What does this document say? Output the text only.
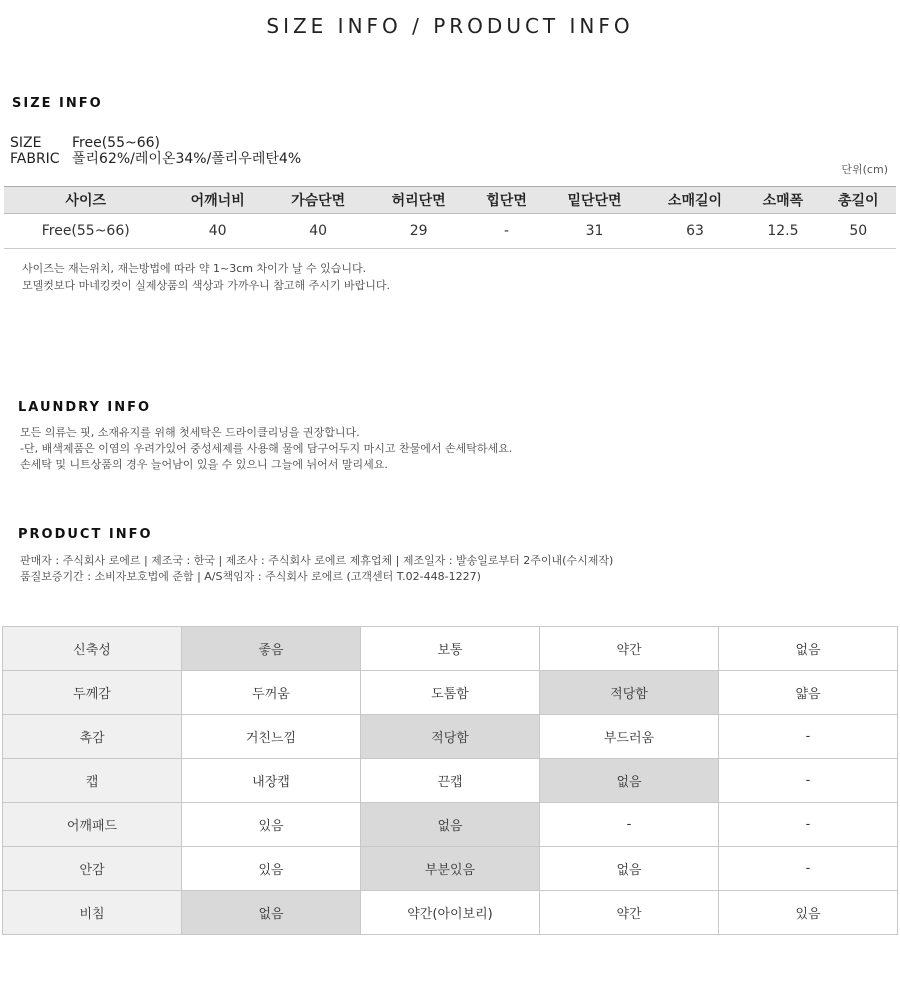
SIZE INFO / PRODUCT INFO
SIZE INFO
SIZE Free(55~66)
FABRIC 폴리62%/레이온34%/폴리우레탄4%
단위(cm)
사이즈	어깨너비	가슴단면	허리단면	힙단면	밑단단면	소매길이	소매폭	총길이
Free(55~66)	40	40	29	-	31	63	12.5	50
사이즈는 재는위치, 재는방법에 따라 약 1~3cm 차이가 날 수 있습니다.
모델컷보다 마네킹컷이 실제상품의 색상과 가까우니 참고해 주시기 바랍니다.
LAUNDRY INFO
모든 의류는 핏, 소재유지를 위해 첫세탁은 드라이클리닝을 권장합니다.
-단, 배색제품은 이염의 우려가있어 중성세제를 사용해 물에 담구어두지 마시고 찬물에서 손세탁하세요.
손세탁 및 니트상품의 경우 늘어남이 있을 수 있으니 그늘에 뉘어서 말리세요.
PRODUCT INFO
판매자 : 주식회사 로에르 | 제조국 : 한국 | 제조사 : 주식회사 로에르 제휴업체 | 제조일자 : 발송일로부터 2주이내(수시제작)
품질보증기간 : 소비자보호법에 준함 | A/S책임자 : 주식회사 로에르 (고객센터 T.02-448-1227)
신축성	좋음	보통	약간	없음
두께감	두꺼움	도톰함	적당함	얇음
촉감	거친느낌	적당함	부드러움	-
캡	내장캡	끈캡	없음	-
어깨패드	있음	없음	-	-
안감	있음	부분있음	없음	-
비침	없음	약간(아이보리)	약간	있음
